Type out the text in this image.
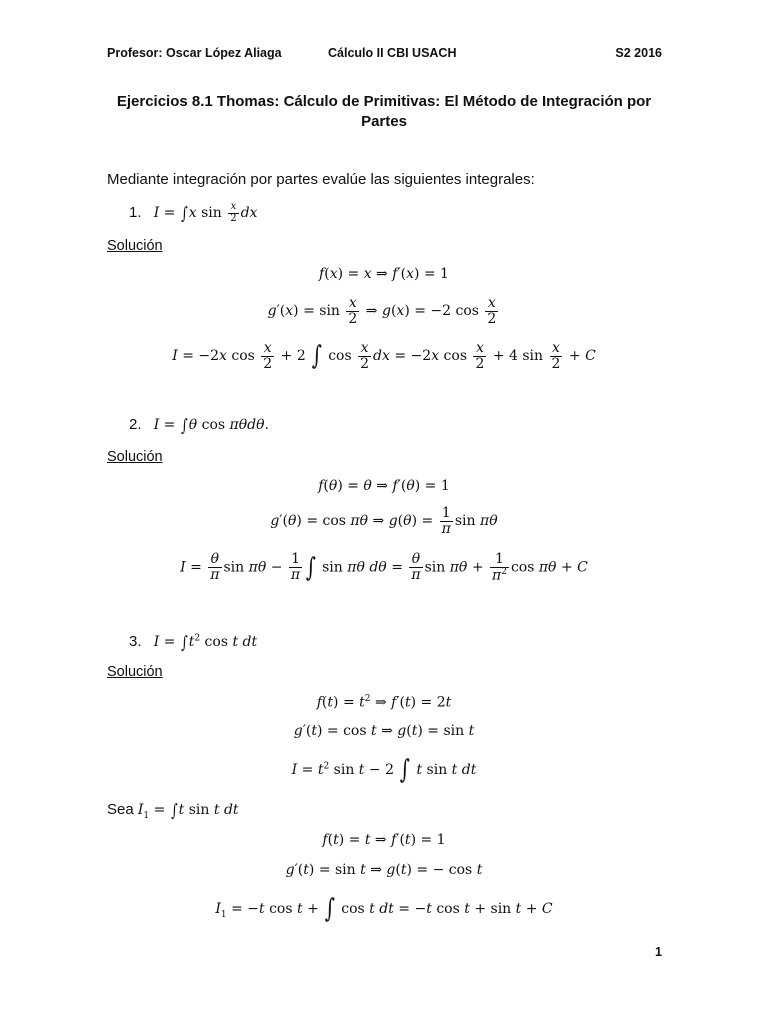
Profesor: Oscar López Aliaga	Cálculo II CBI USACH	S2 2016
Ejercicios 8.1 Thomas: Cálculo de Primitivas: El Método de Integración por Partes
Mediante integración por partes evalúe las siguientes integrales:
1. I = ∫x $\sin \frac{x}{2}$ dx
Solución
f(x) = x ⇒ f′(x) = 1
$g'(x) = \sin \frac{x}{2}$ ⇒ g(x) = −2 $\cos \frac{x}{2}$
I = −2x $\cos \frac{x}{2} + 2$ ∫ $\cos \frac{x}{2}$ dx = −2x $\cos \frac{x}{2} + 4$ $\sin \frac{x}{2} + C$
2. I = ∫θ cos πθdθ.
Solución
f(θ) = θ ⇒ f′(θ) = 1
g′(θ) = cos πθ ⇒ $g(\theta) = \frac{1}{\pi}$ sin πθ
$I = \frac{\theta}{\pi}$ $\sin \pi\theta - \frac{1}{\pi}$ ∫ sin πθ $d\theta = \frac{\theta}{\pi}$ $\sin \pi\theta + \frac{1}{\pi^2}$ cos πθ + C
3. $I = \int t^2$ cos t dt
Solución
$f(t) = t^2$ ⇒ f′(t) = 2t
g′(t) = cos t ⇒ g(t) = sin t
$I = t^2$ sin t − 2 ∫ t sin t dt
Sea $I_1 = \int t$ sin t dt
f(t) = t ⇒ f′(t) = 1
g′(t) = sin t ⇒ g(t) = − cos t
$I_1 = -t$ cos t + ∫ cos t dt = −t cos t + sin t + C
1
